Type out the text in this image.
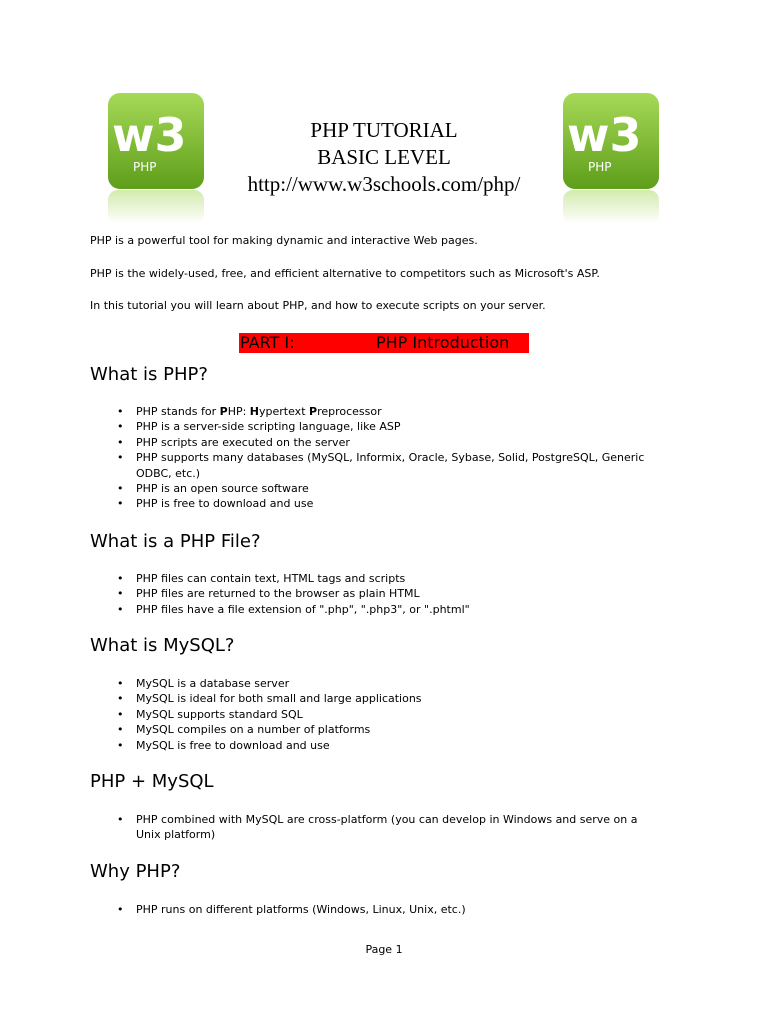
w3
PHP
w3
PHP
PHP TUTORIAL
BASIC LEVEL
http://www.w3schools.com/php/
PHP is a powerful tool for making dynamic and interactive Web pages.
PHP is the widely-used, free, and efficient alternative to competitors such as Microsoft's ASP.
In this tutorial you will learn about PHP, and how to execute scripts on your server.
PART I:	PHP Introduction
What is PHP?
• PHP stands for PHP: Hypertext Preprocessor
• PHP is a server-side scripting language, like ASP
• PHP scripts are executed on the server
• PHP supports many databases (MySQL, Informix, Oracle, Sybase, Solid, PostgreSQL, Generic ODBC, etc.)
• PHP is an open source software
• PHP is free to download and use
What is a PHP File?
• PHP files can contain text, HTML tags and scripts
• PHP files are returned to the browser as plain HTML
• PHP files have a file extension of ".php", ".php3", or ".phtml"
What is MySQL?
• MySQL is a database server
• MySQL is ideal for both small and large applications
• MySQL supports standard SQL
• MySQL compiles on a number of platforms
• MySQL is free to download and use
PHP + MySQL
• PHP combined with MySQL are cross-platform (you can develop in Windows and serve on a Unix platform)
Why PHP?
• PHP runs on different platforms (Windows, Linux, Unix, etc.)
Page 1
